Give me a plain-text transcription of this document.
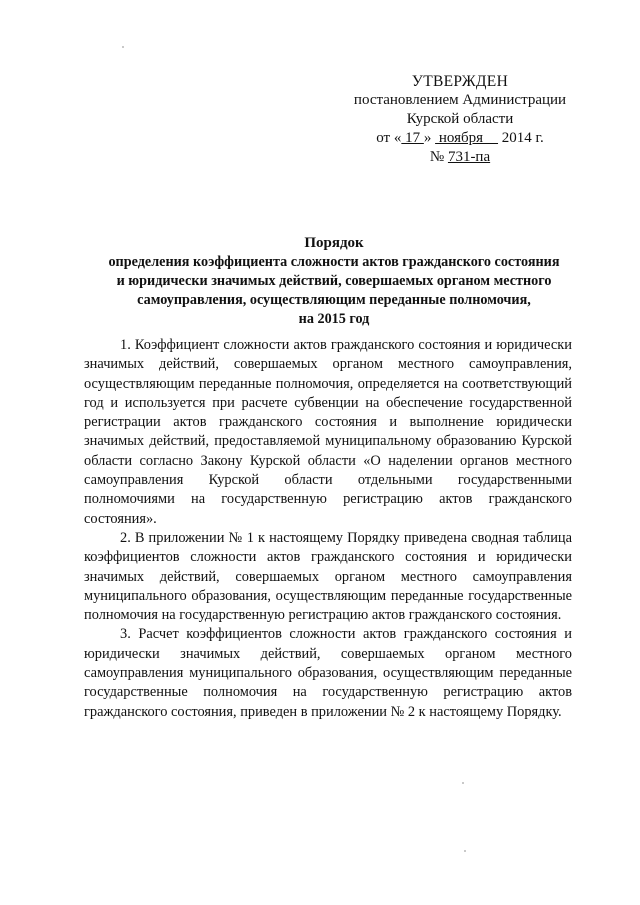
УТВЕРЖДЕН
постановлением Администрации
Курской области
от « 17 »  ноября     2014 г.
№ 731-па
Порядок
определения коэффициента сложности актов гражданского состояния
и юридически значимых действий, совершаемых органом местного
самоуправления, осуществляющим переданные полномочия,
на 2015 год

1. Коэффициент сложности актов гражданского состояния и юридически значимых действий, совершаемых органом местного самоуправления, осуществляющим переданные полномочия, определяется на соответствующий год и используется при расчете субвенции на обеспечение государственной регистрации актов гражданского состояния и выполнение юридически значимых действий, предоставляемой муниципальному образованию Курской области согласно Закону Курской области «О наделении органов местного самоуправления Курской области отдельными государственными полномочиями на государственную регистрацию актов гражданского состояния».

2. В приложении № 1 к настоящему Порядку приведена сводная таблица коэффициентов сложности актов гражданского состояния и юридически значимых действий, совершаемых органом местного самоуправления муниципального образования, осуществляющим переданные государственные полномочия на государственную регистрацию актов гражданского состояния.

3. Расчет коэффициентов сложности актов гражданского состояния и юридически значимых действий, совершаемых органом местного самоуправления муниципального образования, осуществляющим переданные государственные полномочия на государственную регистрацию актов гражданского состояния, приведен в приложении № 2 к настоящему Порядку.
